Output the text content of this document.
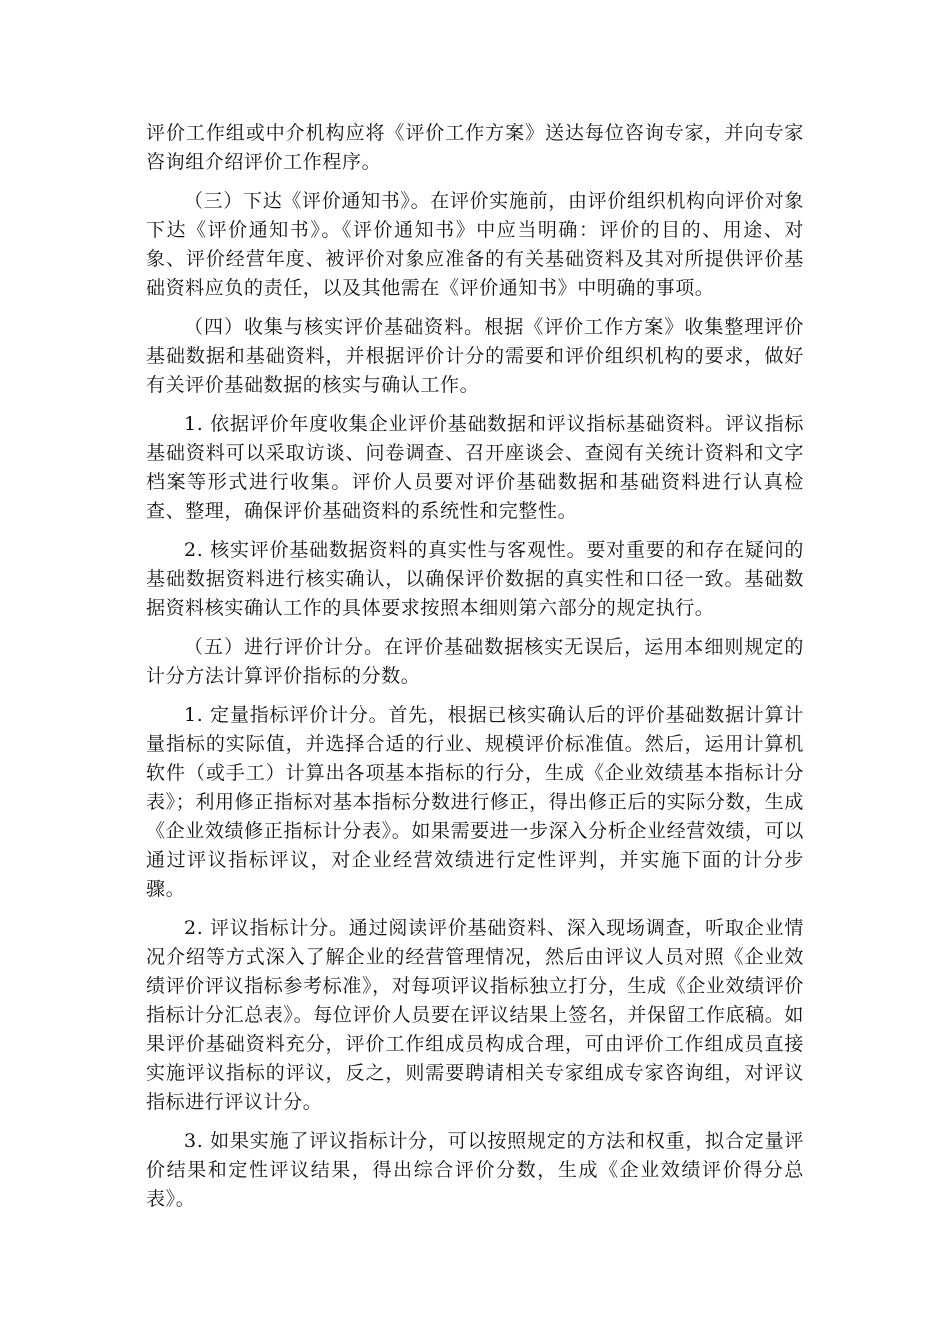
评价工作组或中介机构应将《评价工作方案》送达每位咨询专家，并向专家咨询组介绍评价工作程序。

（三）下达《评价通知书》。在评价实施前，由评价组织机构向评价对象下达《评价通知书》。《评价通知书》中应当明确：评价的目的、用途、对象、评价经营年度、被评价对象应准备的有关基础资料及其对所提供评价基础资料应负的责任，以及其他需在《评价通知书》中明确的事项。

（四）收集与核实评价基础资料。根据《评价工作方案》收集整理评价基础数据和基础资料，并根据评价计分的需要和评价组织机构的要求，做好有关评价基础数据的核实与确认工作。

1. 依据评价年度收集企业评价基础数据和评议指标基础资料。评议指标基础资料可以采取访谈、问卷调查、召开座谈会、查阅有关统计资料和文字档案等形式进行收集。评价人员要对评价基础数据和基础资料进行认真检查、整理，确保评价基础资料的系统性和完整性。

2. 核实评价基础数据资料的真实性与客观性。要对重要的和存在疑问的基础数据资料进行核实确认，以确保评价数据的真实性和口径一致。基础数据资料核实确认工作的具体要求按照本细则第六部分的规定执行。

（五）进行评价计分。在评价基础数据核实无误后，运用本细则规定的计分方法计算评价指标的分数。

1. 定量指标评价计分。首先，根据已核实确认后的评价基础数据计算计量指标的实际值，并选择合适的行业、规模评价标准值。然后，运用计算机软件（或手工）计算出各项基本指标的行分，生成《企业效绩基本指标计分表》；利用修正指标对基本指标分数进行修正，得出修正后的实际分数，生成《企业效绩修正指标计分表》。如果需要进一步深入分析企业经营效绩，可以通过评议指标评议，对企业经营效绩进行定性评判，并实施下面的计分步骤。

2. 评议指标计分。通过阅读评价基础资料、深入现场调查，听取企业情况介绍等方式深入了解企业的经营管理情况，然后由评议人员对照《企业效绩评价评议指标参考标准》，对每项评议指标独立打分，生成《企业效绩评价指标计分汇总表》。每位评价人员要在评议结果上签名，并保留工作底稿。如果评价基础资料充分，评价工作组成员构成合理，可由评价工作组成员直接实施评议指标的评议，反之，则需要聘请相关专家组成专家咨询组，对评议指标进行评议计分。

3. 如果实施了评议指标计分，可以按照规定的方法和权重，拟合定量评价结果和定性评议结果，得出综合评价分数，生成《企业效绩评价得分总表》。
